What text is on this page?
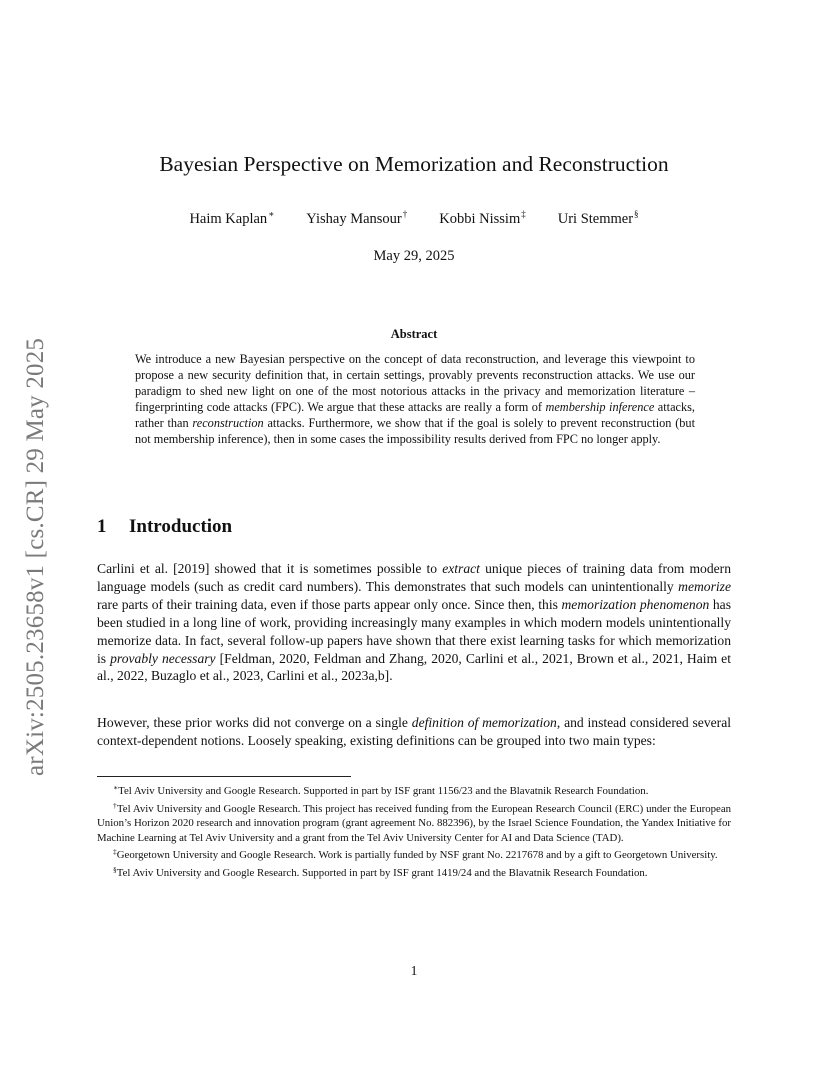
arXiv:2505.23658v1 [cs.CR] 29 May 2025
Bayesian Perspective on Memorization and Reconstruction
Haim Kaplan∗ Yishay Mansour† Kobbi Nissim‡ Uri Stemmer§
May 29, 2025
Abstract
We introduce a new Bayesian perspective on the concept of data reconstruction, and leverage this viewpoint to propose a new security definition that, in certain settings, provably prevents reconstruction attacks. We use our paradigm to shed new light on one of the most notorious attacks in the privacy and memorization literature – fingerprinting code attacks (FPC). We argue that these attacks are really a form of membership inference attacks, rather than reconstruction attacks. Furthermore, we show that if the goal is solely to prevent reconstruction (but not membership inference), then in some cases the impossibility results derived from FPC no longer apply.
1 Introduction
Carlini et al. [2019] showed that it is sometimes possible to extract unique pieces of training data from modern language models (such as credit card numbers). This demonstrates that such models can unintentionally memorize rare parts of their training data, even if those parts appear only once. Since then, this memorization phenomenon has been studied in a long line of work, providing increasingly many examples in which modern models unintentionally memorize data. In fact, several follow-up papers have shown that there exist learning tasks for which memorization is provably necessary [Feldman, 2020, Feldman and Zhang, 2020, Carlini et al., 2021, Brown et al., 2021, Haim et al., 2022, Buzaglo et al., 2023, Carlini et al., 2023a,b].
However, these prior works did not converge on a single definition of memorization, and instead considered several context-dependent notions. Loosely speaking, existing definitions can be grouped into two main types:

∗Tel Aviv University and Google Research. Supported in part by ISF grant 1156/23 and the Blavatnik Research Foundation.

†Tel Aviv University and Google Research. This project has received funding from the European Research Council (ERC) under the European Union’s Horizon 2020 research and innovation program (grant agreement No. 882396), by the Israel Science Foundation, the Yandex Initiative for Machine Learning at Tel Aviv University and a grant from the Tel Aviv University Center for AI and Data Science (TAD).

‡Georgetown University and Google Research. Work is partially funded by NSF grant No. 2217678 and by a gift to Georgetown University.

§Tel Aviv University and Google Research. Supported in part by ISF grant 1419/24 and the Blavatnik Research Foundation.

1
